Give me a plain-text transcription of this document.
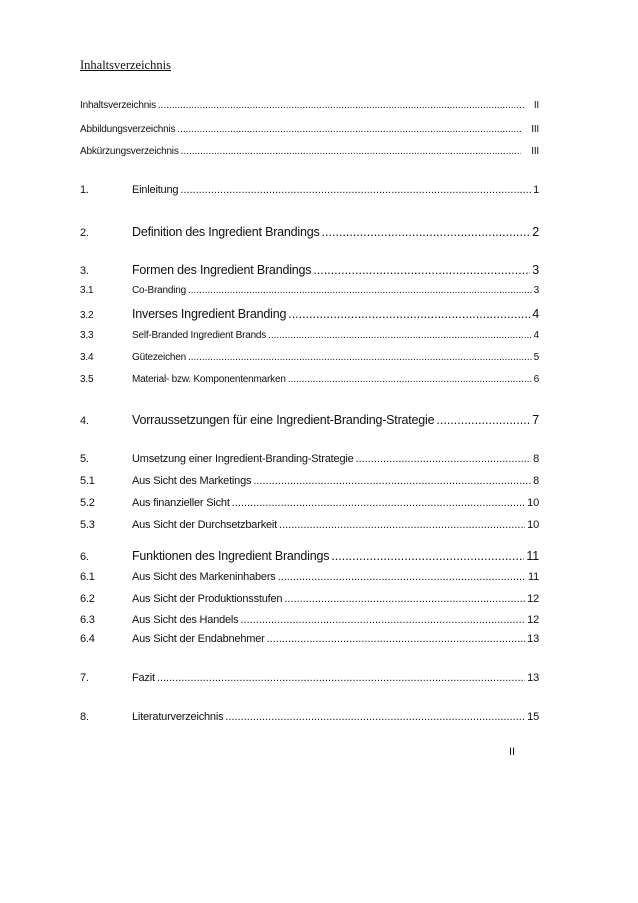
Inhaltsverzeichnis
Inhaltsverzeichnis .....	II
Abbildungsverzeichnis .....	III
Abkürzungsverzeichnis .....	III
1.	Einleitung .....	1
2.	Definition des Ingredient Brandings .....	2
3.	Formen des Ingredient Brandings .....	3
3.1	Co-Branding .....	3
3.2	Inverses Ingredient Branding .....	4
3.3	Self-Branded Ingredient Brands .....	4
3.4	Gütezeichen .....	5
3.5	Material- bzw. Komponentenmarken .....	6
4.	Vorraussetzungen für eine Ingredient-Branding-Strategie .....	7
5.	Umsetzung einer Ingredient-Branding-Strategie .....	8
5.1	Aus Sicht des Marketings .....	8
5.2	Aus finanzieller Sicht .....	10
5.3	Aus Sicht der Durchsetzbarkeit .....	10
6.	Funktionen des Ingredient Brandings .....	11
6.1	Aus Sicht des Markeninhabers .....	11
6.2	Aus Sicht der Produktionsstufen .....	12
6.3	Aus Sicht des Handels .....	12
6.4	Aus Sicht der Endabnehmer .....	13
7.	Fazit .....	13
8.	Literaturverzeichnis .....	15
II
